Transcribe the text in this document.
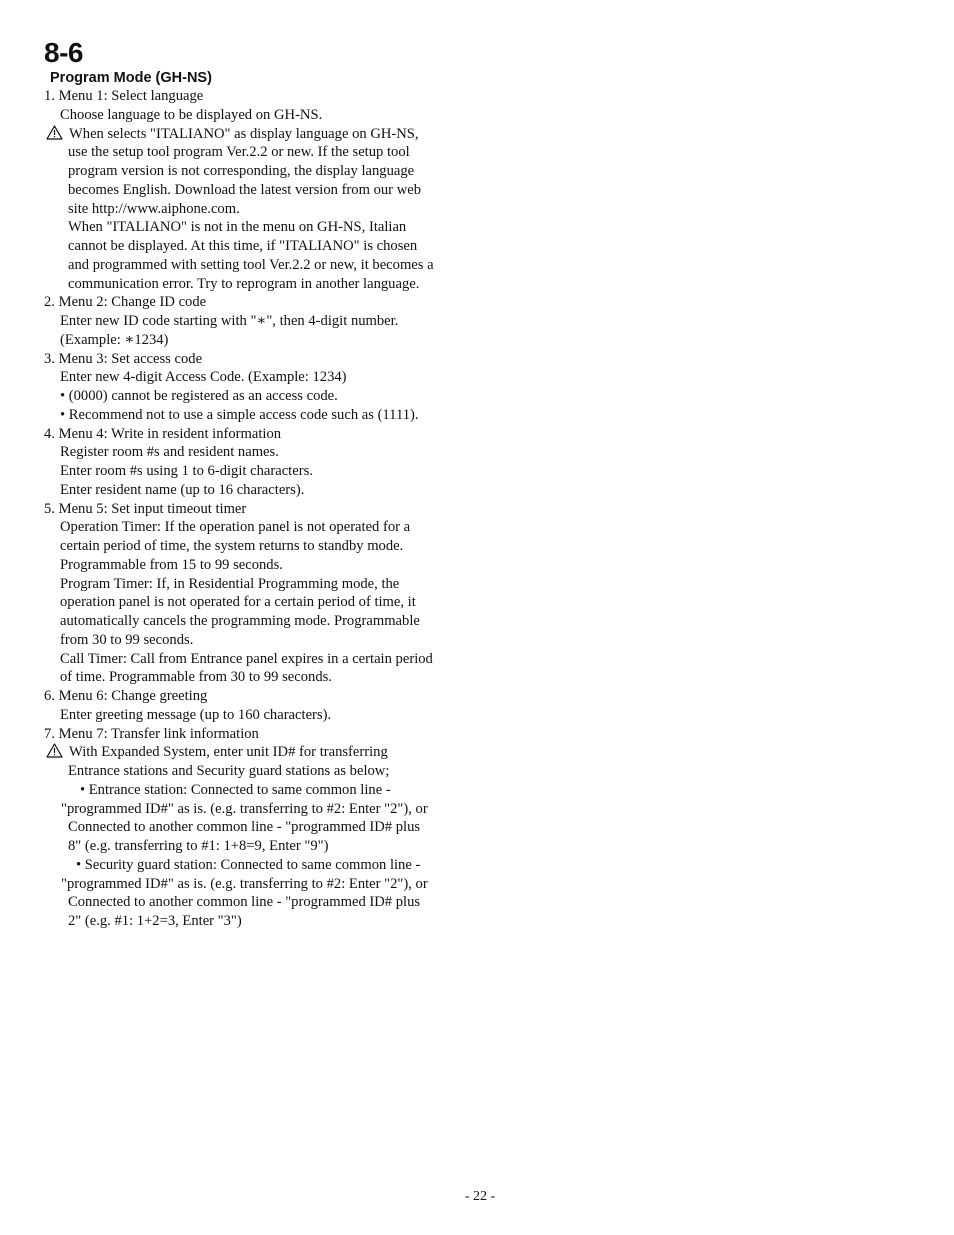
8-6
Program Mode (GH-NS)
1. Menu 1: Select language
Choose language to be displayed on GH-NS.
When selects "ITALIANO" as display language on GH-NS,
use the setup tool program Ver.2.2 or new. If the setup tool
program version is not corresponding, the display language
becomes English. Download the latest version from our web
site http://www.aiphone.com.
When "ITALIANO" is not in the menu on GH-NS, Italian
cannot be displayed. At this time, if "ITALIANO" is chosen
and programmed with setting tool Ver.2.2 or new, it becomes a
communication error. Try to reprogram in another language.
2. Menu 2: Change ID code
Enter new ID code starting with "∗", then 4-digit number.
(Example: ∗1234)
3. Menu 3: Set access code
Enter new 4-digit Access Code. (Example: 1234)
• (0000) cannot be registered as an access code.
• Recommend not to use a simple access code such as (1111).
4. Menu 4: Write in resident information
Register room #s and resident names.
Enter room #s using 1 to 6-digit characters.
Enter resident name (up to 16 characters).
5. Menu 5: Set input timeout timer
Operation Timer: If the operation panel is not operated for a
certain period of time, the system returns to standby mode.
Programmable from 15 to 99 seconds.
Program Timer: If, in Residential Programming mode, the
operation panel is not operated for a certain period of time, it
automatically cancels the programming mode. Programmable
from 30 to 99 seconds.
Call Timer: Call from Entrance panel expires in a certain period
of time. Programmable from 30 to 99 seconds.
6. Menu 6: Change greeting
Enter greeting message (up to 160 characters).
7. Menu 7: Transfer link information
With Expanded System, enter unit ID# for transferring
Entrance stations and Security guard stations as below;
• Entrance station: Connected to same common line -
"programmed ID#" as is. (e.g. transferring to #2: Enter "2"), or
Connected to another common line - "programmed ID# plus
8" (e.g. transferring to #1: 1+8=9, Enter "9")
• Security guard station: Connected to same common line -
"programmed ID#" as is. (e.g. transferring to #2: Enter "2"), or
Connected to another common line - "programmed ID# plus
2" (e.g. #1: 1+2=3, Enter "3")
- 22 -
